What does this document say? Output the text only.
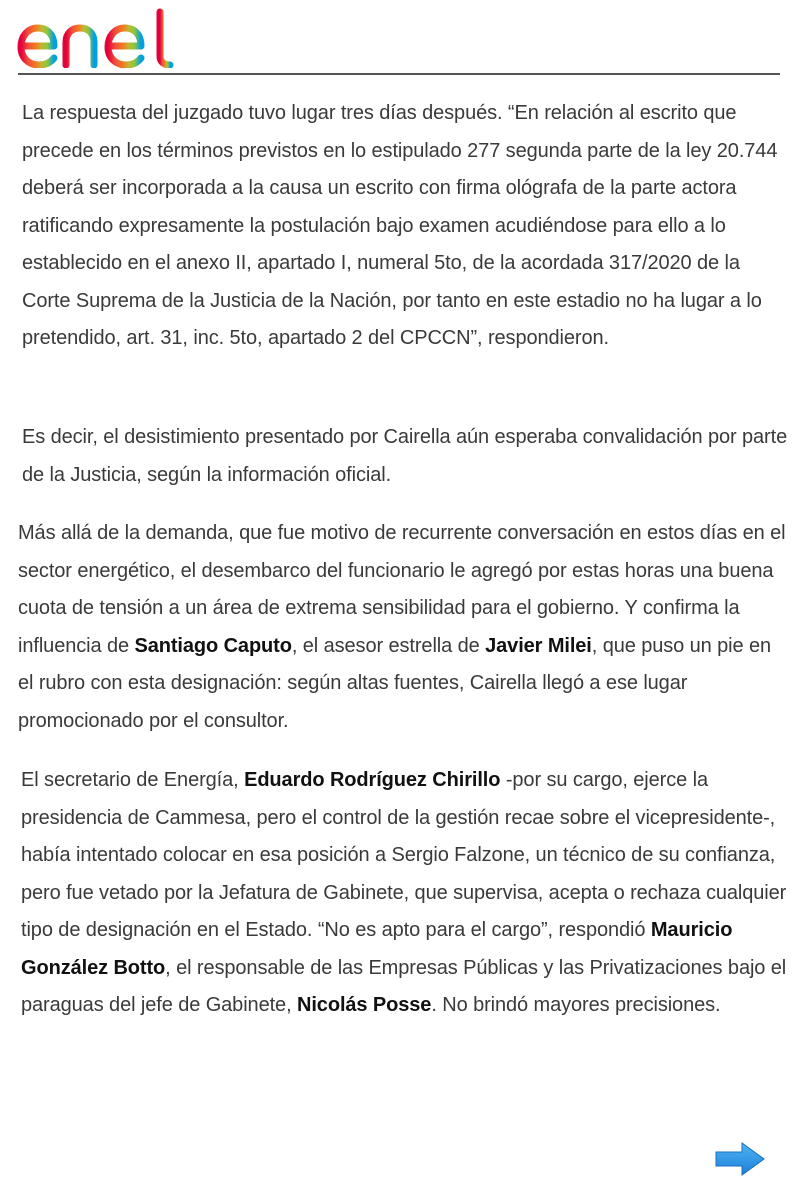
La respuesta del juzgado tuvo lugar tres días después. “En relación al escrito que precede en los términos previstos en lo estipulado 277 segunda parte de la ley 20.744 deberá ser incorporada a la causa un escrito con firma ológrafa de la parte actora ratificando expresamente la postulación bajo examen acudiéndose para ello a lo establecido en el anexo II, apartado I, numeral 5to, de la acordada 317/2020 de la Corte Suprema de la Justicia de la Nación, por tanto en este estadio no ha lugar a lo pretendido, art. 31, inc. 5to, apartado 2 del CPCCN”, respondieron.

Es decir, el desistimiento presentado por Cairella aún esperaba convalidación por parte de la Justicia, según la información oficial.

Más allá de la demanda, que fue motivo de recurrente conversación en estos días en el sector energético, el desembarco del funcionario le agregó por estas horas una buena cuota de tensión a un área de extrema sensibilidad para el gobierno. Y confirma la influencia de Santiago Caputo, el asesor estrella de Javier Milei, que puso un pie en el rubro con esta designación: según altas fuentes, Cairella llegó a ese lugar promocionado por el consultor.

El secretario de Energía, Eduardo Rodríguez Chirillo -por su cargo, ejerce la presidencia de Cammesa, pero el control de la gestión recae sobre el vicepresidente-, había intentado colocar en esa posición a Sergio Falzone, un técnico de su confianza, pero fue vetado por la Jefatura de Gabinete, que supervisa, acepta o rechaza cualquier tipo de designación en el Estado. “No es apto para el cargo”, respondió Mauricio González Botto, el responsable de las Empresas Públicas y las Privatizaciones bajo el paraguas del jefe de Gabinete, Nicolás Posse. No brindó mayores precisiones.
